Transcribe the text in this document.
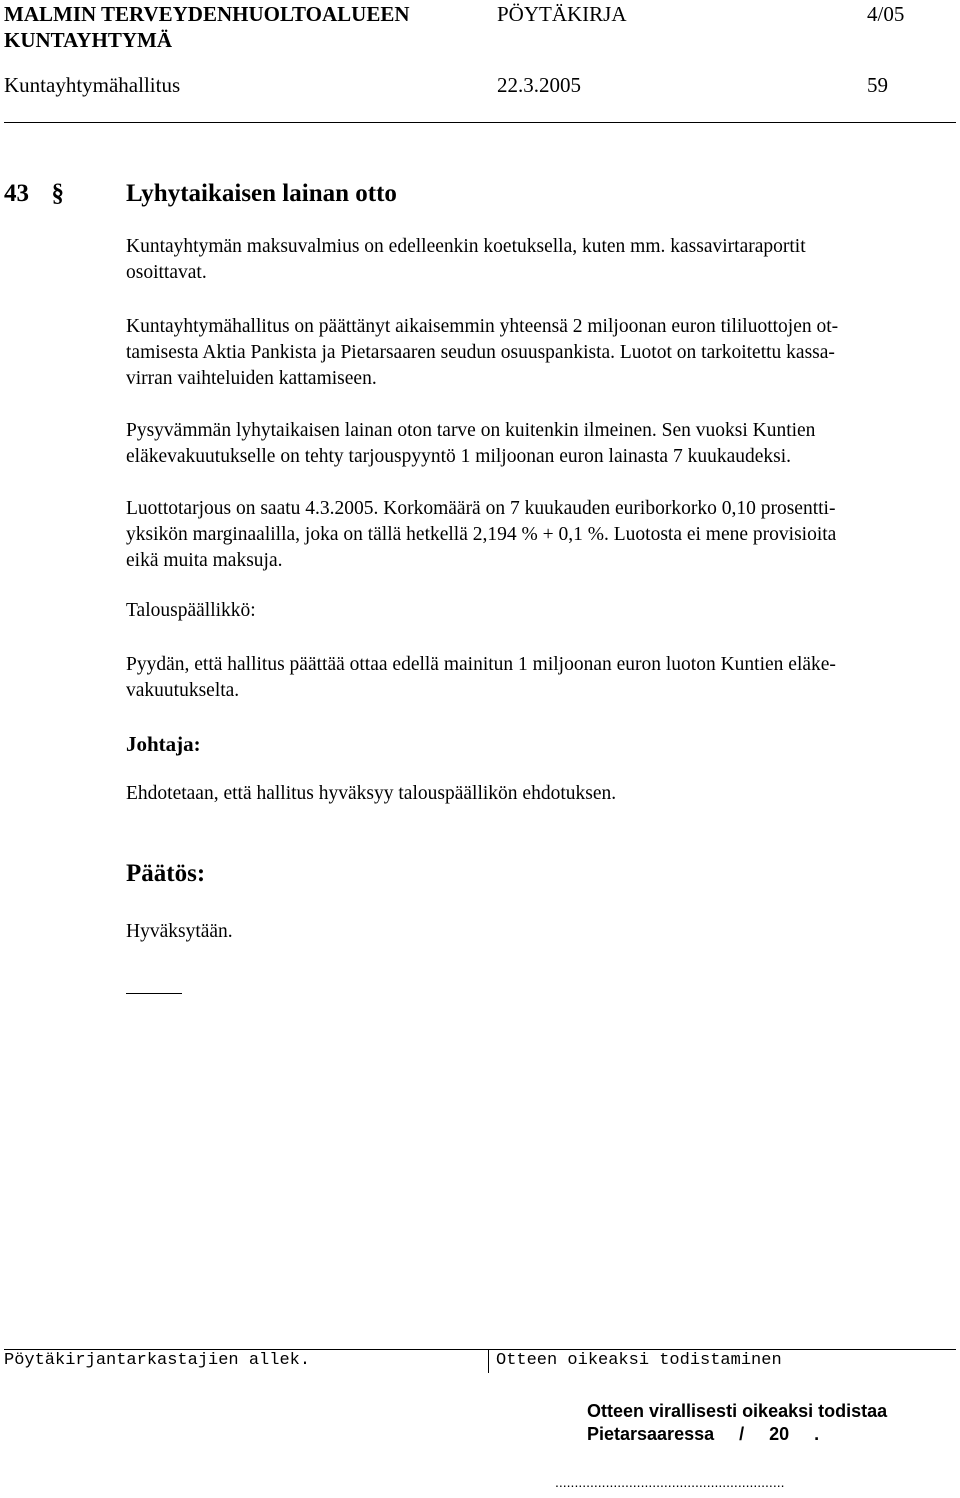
MALMIN TERVEYDENHUOLTOALUEEN
KUNTAYHTYMÄ
PÖYTÄKIRJA	4/05
Kuntayhtymähallitus	22.3.2005	59
43 § Lyhytaikaisen lainan otto
Kuntayhtymän maksuvalmius on edelleenkin koetuksella, kuten mm. kassavirtaraportit
osoittavat.
Kuntayhtymähallitus on päättänyt aikaisemmin yhteensä 2 miljoonan euron tililuottojen ot-
tamisesta Aktia Pankista ja Pietarsaaren seudun osuuspankista. Luotot on tarkoitettu kassa-
virran vaihteluiden kattamiseen.
Pysyvämmän lyhytaikaisen lainan oton tarve on kuitenkin ilmeinen. Sen vuoksi Kuntien
eläkevakuutukselle on tehty tarjouspyyntö 1 miljoonan euron lainasta 7 kuukaudeksi.
Luottotarjous on saatu 4.3.2005. Korkomäärä on 7 kuukauden euriborkorko 0,10 prosentti-
yksikön marginaalilla, joka on tällä hetkellä 2,194 % + 0,1 %. Luotosta ei mene provisioita
eikä muita maksuja.
Talouspäällikkö:
Pyydän, että hallitus päättää ottaa edellä mainitun 1 miljoonan euron luoton Kuntien eläke-
vakuutukselta.
Johtaja:
Ehdotetaan, että hallitus hyväksyy talouspäällikön ehdotuksen.
Päätös:
Hyväksytään.
Pöytäkirjantarkastajien allek.	Otteen oikeaksi todistaminen
Otteen virallisesti oikeaksi todistaa
Pietarsaaressa     /     20     .
...........................................................
